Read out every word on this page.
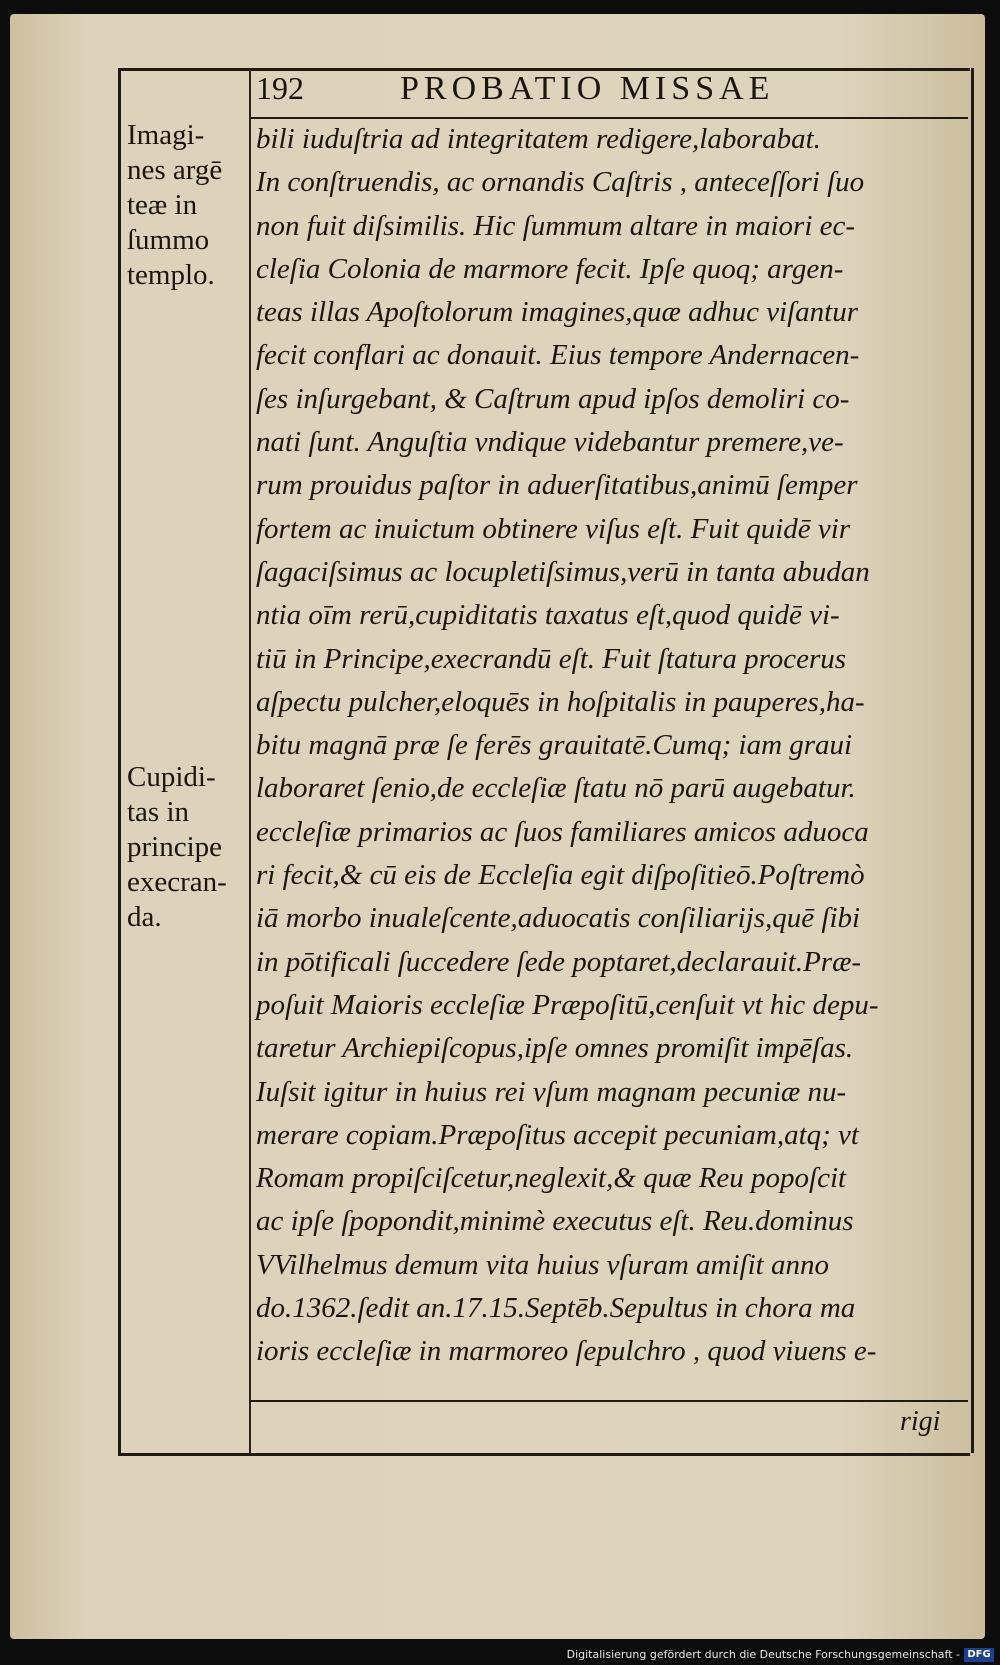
192	PROBATIO MISSAE
Imagi-
nes argē
teæ in
ſummo
templo.
Cupidi-
tas in
principe
execran-
da.
bili iuduſtria ad integritatem redigere,laborabat.
In conſtruendis, ac ornandis Caſtris , anteceſſori ſuo
non fuit diſsimilis. Hic ſummum altare in maiori ec-
cleſia Colonia de marmore fecit. Ipſe quoq; argen-
teas illas Apoſtolorum imagines,quæ adhuc viſantur
fecit conflari ac donauit. Eius tempore Andernacen-
ſes inſurgebant, & Caſtrum apud ipſos demoliri co-
nati ſunt. Anguſtia vndique videbantur premere,ve-
rum prouidus paſtor in aduerſitatibus,animū ſemper
fortem ac inuictum obtinere viſus eſt. Fuit quidē vir
ſagaciſsimus ac locupletiſsimus,verū in tanta abudan
ntia oīm rerū,cupiditatis taxatus eſt,quod quidē vi-
tiū in Principe,execrandū eſt. Fuit ſtatura procerus
aſpectu pulcher,eloquēs in hoſpitalis in pauperes,ha-
bitu magnā præ ſe ferēs grauitatē.Cumq; iam graui
laboraret ſenio,de eccleſiæ ſtatu nō parū augebatur.
eccleſiæ primarios ac ſuos familiares amicos aduoca
ri fecit,& cū eis de Eccleſia egit diſpoſitieō.Poſtremò
iā morbo inualeſcente,aduocatis conſiliarijs,quē ſibi
in pōtificali ſuccedere ſede poptaret,declarauit.Præ-
poſuit Maioris eccleſiæ Præpoſitū,cenſuit vt hic depu-
taretur Archiepiſcopus,ipſe omnes promiſit impēſas.
Iuſsit igitur in huius rei vſum magnam pecuniæ nu-
merare copiam.Præpoſitus accepit pecuniam,atq; vt
Romam propiſciſcetur,neglexit,& quæ Reu popoſcit
ac ipſe ſpopondit,minimè executus eſt. Reu.dominus
VVilhelmus demum vita huius vſuram amiſit anno
do.1362.ſedit an.17.15.Septēb.Sepultus in chora ma
ioris eccleſiæ in marmoreo ſepulchro , quod viuens e-
rigi
Digitalisierung gefördert durch die Deutsche Forschungsgemeinschaft - DFG
